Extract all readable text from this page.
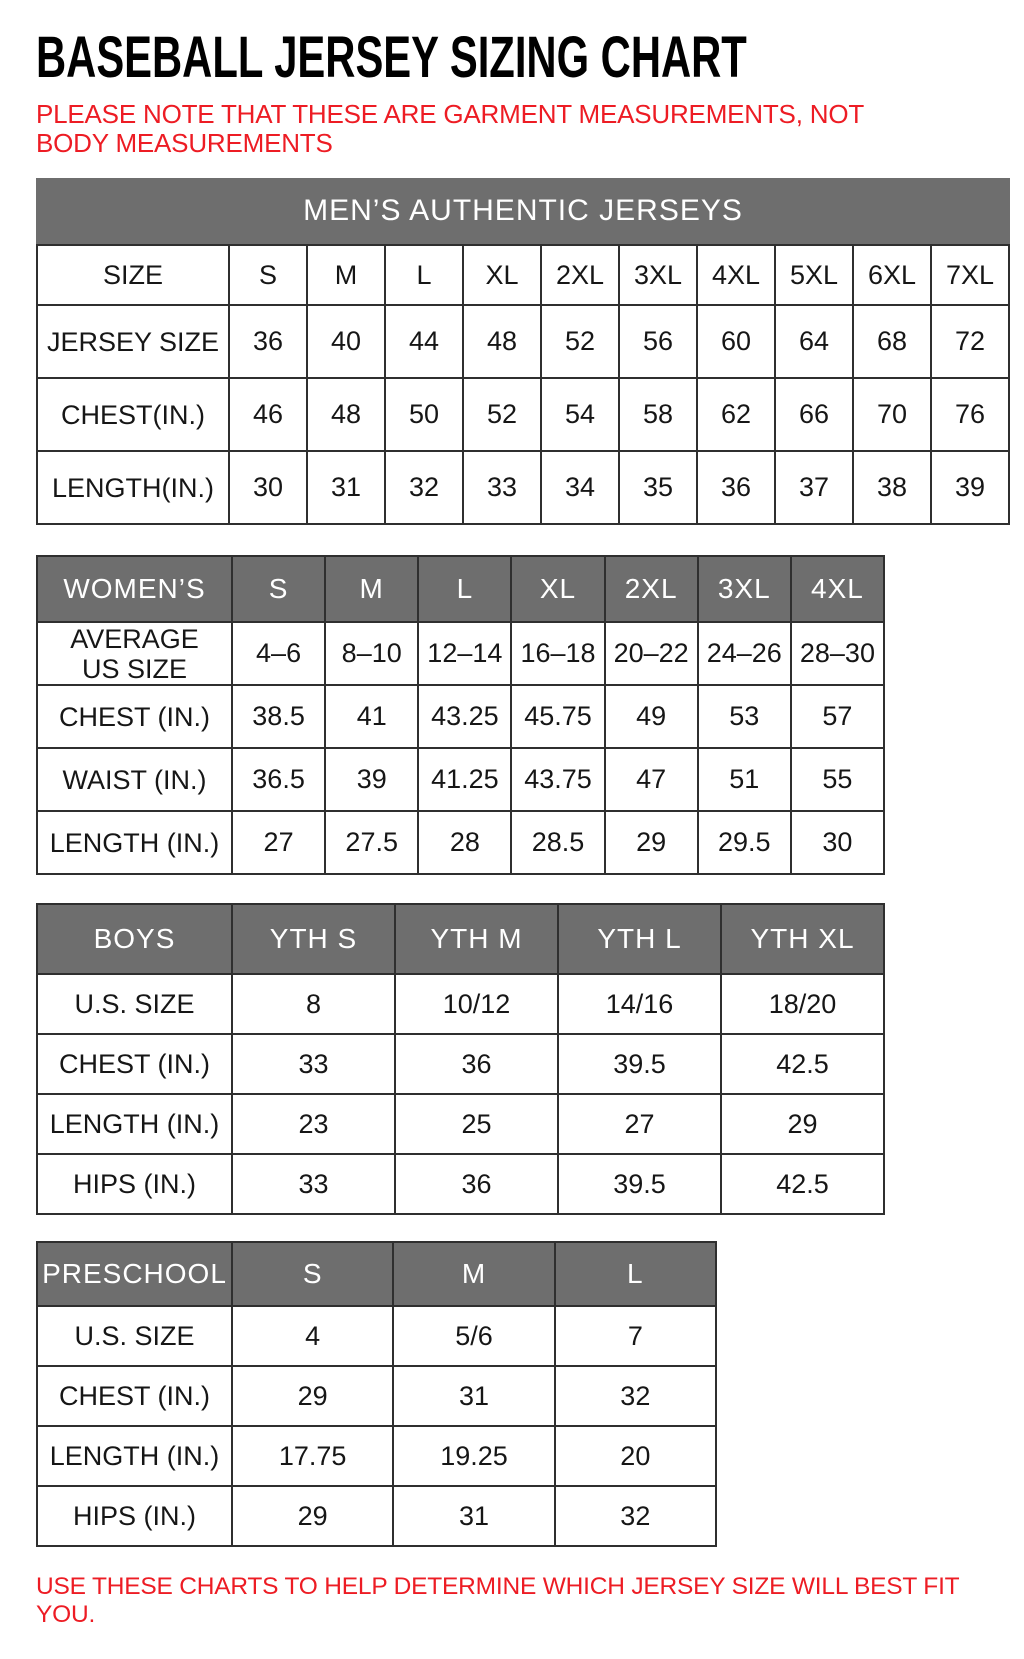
BASEBALL JERSEY SIZING CHART
PLEASE NOTE THAT THESE ARE GARMENT MEASUREMENTS, NOT BODY MEASUREMENTS
MEN’S AUTHENTIC JERSEYS
SIZE	S	M	L	XL	2XL	3XL	4XL	5XL	6XL	7XL
JERSEY SIZE	36	40	44	48	52	56	60	64	68	72
CHEST(IN.)	46	48	50	52	54	58	62	66	70	76
LENGTH(IN.)	30	31	32	33	34	35	36	37	38	39
WOMEN’S	S	M	L	XL	2XL	3XL	4XL
AVERAGE
US SIZE	4–6	8–10	12–14	16–18	20–22	24–26	28–30
CHEST (IN.)	38.5	41	43.25	45.75	49	53	57
WAIST (IN.)	36.5	39	41.25	43.75	47	51	55
LENGTH (IN.)	27	27.5	28	28.5	29	29.5	30
BOYS	YTH S	YTH M	YTH L	YTH XL
U.S. SIZE	8	10/12	14/16	18/20
CHEST (IN.)	33	36	39.5	42.5
LENGTH (IN.)	23	25	27	29
HIPS (IN.)	33	36	39.5	42.5
PRESCHOOL	S	M	L
U.S. SIZE	4	5/6	7
CHEST (IN.)	29	31	32
LENGTH (IN.)	17.75	19.25	20
HIPS (IN.)	29	31	32
USE THESE CHARTS TO HELP DETERMINE WHICH JERSEY SIZE WILL BEST FIT YOU.
